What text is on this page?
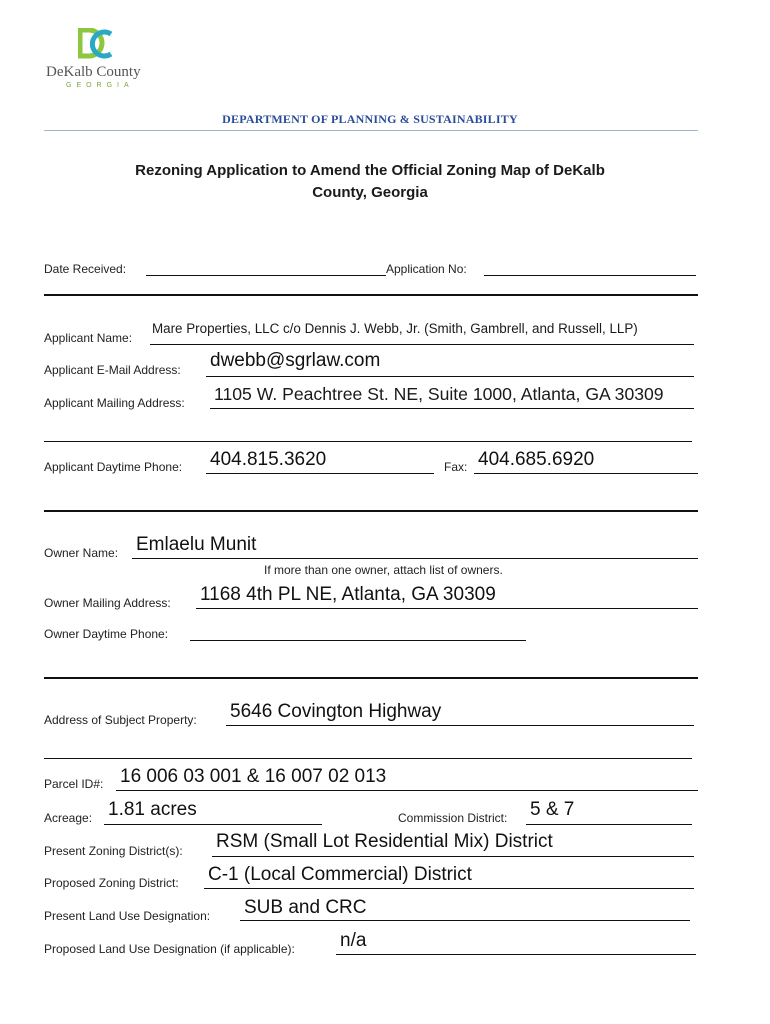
DeKalb County
GEORGIA
DEPARTMENT OF PLANNING & SUSTAINABILITY
Rezoning Application to Amend the Official Zoning Map of DeKalb
County, Georgia
Date Received:	Application No:
Applicant Name:
Mare Properties, LLC c/o Dennis J. Webb, Jr. (Smith, Gambrell, and Russell, LLP)
Applicant E-Mail Address: dwebb@sgrlaw.com
Applicant Mailing Address: 1105 W. Peachtree St. NE, Suite 1000, Atlanta, GA 30309
Applicant Daytime Phone: 404.815.3620	Fax: 404.685.6920
Owner Name: Emlaelu Munit
If more than one owner, attach list of owners.
Owner Mailing Address: 1168 4th PL NE, Atlanta, GA 30309
Owner Daytime Phone:
Address of Subject Property: 5646 Covington Highway
Parcel ID#: 16 006 03 001 & 16 007 02 013
Acreage: 1.81 acres	Commission District: 5 & 7
Present Zoning District(s): RSM (Small Lot Residential Mix) District
Proposed Zoning District: C-1 (Local Commercial) District
Present Land Use Designation: SUB and CRC
Proposed Land Use Designation (if applicable): n/a
